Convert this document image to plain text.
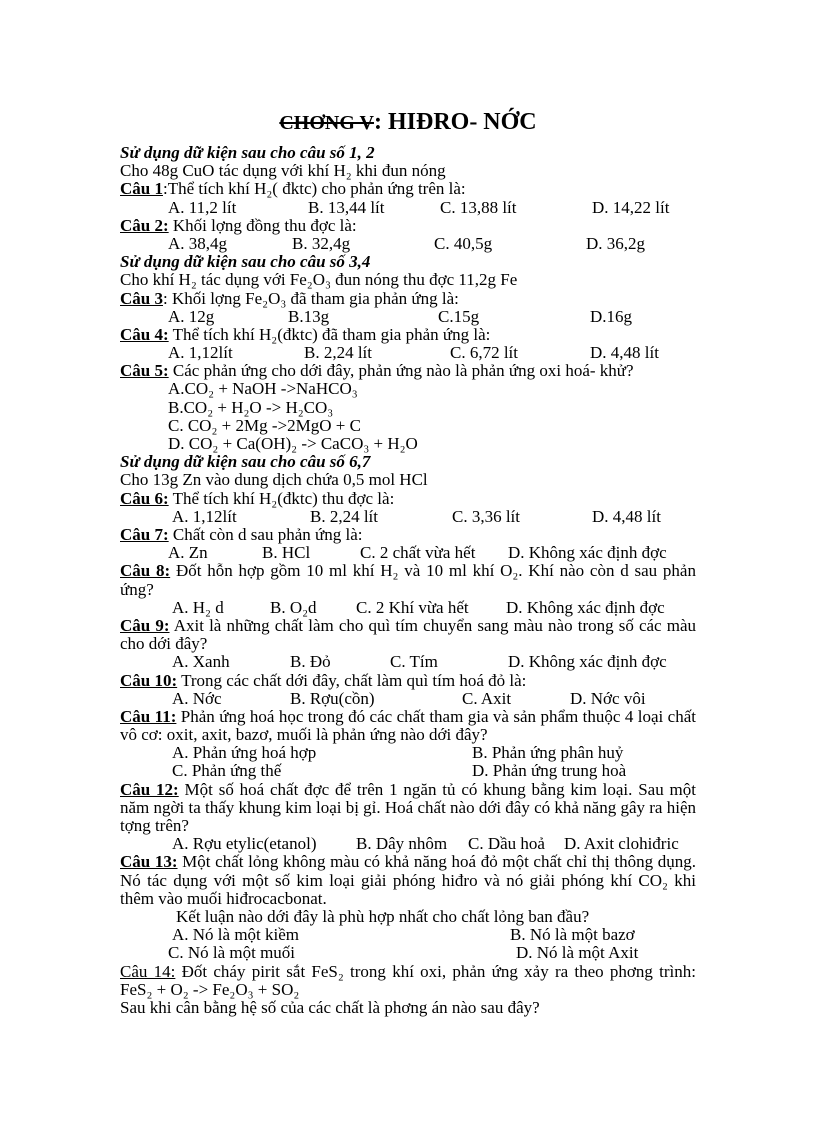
CHƠNG V: HIĐRO- NỚC
Sử dụng dữ kiện sau cho câu số 1, 2
Cho 48g CuO tác dụng với khí H₂ khi đun nóng
Câu 1:Thể tích khí H₂( đktc) cho phản ứng trên là:
A. 11,2 lít	B. 13,44 lít	C. 13,88 lít	D. 14,22 lít
Câu 2: Khối lợng đồng thu đợc là:
A. 38,4g	B. 32,4g	C. 40,5g	D. 36,2g
Sử dụng dữ kiện sau cho câu số 3,4
Cho khí H₂ tác dụng với Fe₂O₃ đun nóng thu đợc 11,2g Fe
Câu 3: Khối lợng Fe₂O₃ đã tham gia phản ứng là:
A. 12g	B.13g	C.15g	D.16g
Câu 4: Thể tích khí H₂(đktc) đã tham gia phản ứng là:
A. 1,12lít	B. 2,24 lít	C. 6,72 lít	D. 4,48 lít
Câu 5: Các phản ứng cho dới đây, phản ứng nào là phản ứng oxi hoá- khử?
A.CO₂ + NaOH ->NaHCO₃
B.CO₂ + H₂O -> H₂CO₃
C. CO₂ + 2Mg ->2MgO + C
D. CO₂ + Ca(OH)₂ -> CaCO₃ + H₂O
Sử dụng dữ kiện sau cho câu số 6,7
Cho 13g Zn vào dung dịch chứa 0,5 mol HCl
Câu 6: Thể tích khí H₂(đktc) thu đợc là:
A. 1,12lít	B. 2,24 lít	C. 3,36 lít	D. 4,48 lít
Câu 7: Chất còn d sau phản ứng là:
A. Zn	B. HCl	C. 2 chất vừa hết	D. Không xác định đợc
Câu 8: Đốt hỗn hợp gồm 10 ml khí H₂ và 10 ml khí O₂. Khí nào còn d sau phản ứng?
A. H₂ d	B. O₂d	C. 2 Khí vừa hết	D. Không xác định đợc
Câu 9: Axit là những chất làm cho quì tím chuyển sang màu nào trong số các màu cho dới đây?
A. Xanh	B. Đỏ	C. Tím	D. Không xác định đợc
Câu 10: Trong các chất dới đây, chất làm quì tím hoá đỏ là:
A. Nớc	B. Rợu(cồn)	C. Axit	D. Nớc vôi
Câu 11: Phản ứng hoá học trong đó các chất tham gia và sản phẩm thuộc 4 loại chất vô cơ: oxit, axit, bazơ, muối là phản ứng nào dới đây?
A. Phản ứng hoá hợp	B. Phản ứng phân huỷ
C. Phản ứng thế	D. Phản ứng trung hoà
Câu 12: Một số hoá chất đợc để trên 1 ngăn tủ có khung bằng kim loại. Sau một năm ngời ta thấy khung kim loại bị gỉ. Hoá chất nào dới đây có khả năng gây ra hiện tợng trên?
A. Rợu etylic(etanol)	B. Dây nhôm	C. Dầu hoả	D. Axit clohiđric
Câu 13: Một chất lỏng không màu có khả năng hoá đỏ một chất chỉ thị thông dụng. Nó tác dụng với một số kim loại giải phóng hiđro và nó giải phóng khí CO₂ khi thêm vào muối hiđrocacbonat.
Kết luận nào dới đây là phù hợp nhất cho chất lỏng ban đầu?
A. Nó là một kiềm	B. Nó là một bazơ
C. Nó là một muối	D. Nó là một Axit
Câu 14: Đốt cháy pirit sắt FeS₂ trong khí oxi, phản ứng xảy ra theo phơng trình: FeS₂ + O₂ -> Fe₂O₃ + SO₂
Sau khi cân bằng hệ số của các chất là phơng án nào sau đây?
